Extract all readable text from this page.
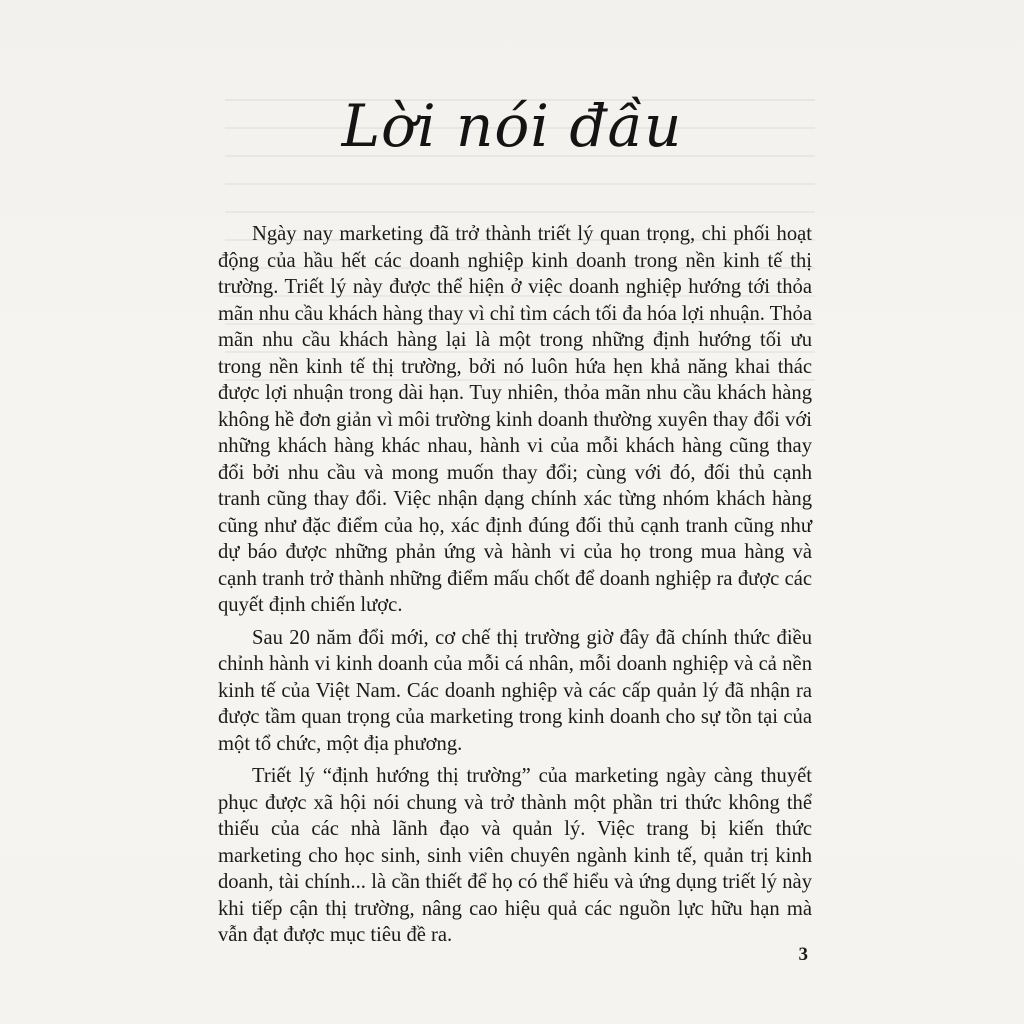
Lời nói đầu

Ngày nay marketing đã trở thành triết lý quan trọng, chi phối hoạt động của hầu hết các doanh nghiệp kinh doanh trong nền kinh tế thị trường. Triết lý này được thể hiện ở việc doanh nghiệp hướng tới thỏa mãn nhu cầu khách hàng thay vì chỉ tìm cách tối đa hóa lợi nhuận. Thỏa mãn nhu cầu khách hàng lại là một trong những định hướng tối ưu trong nền kinh tế thị trường, bởi nó luôn hứa hẹn khả năng khai thác được lợi nhuận trong dài hạn. Tuy nhiên, thỏa mãn nhu cầu khách hàng không hề đơn giản vì môi trường kinh doanh thường xuyên thay đổi với những khách hàng khác nhau, hành vi của mỗi khách hàng cũng thay đổi bởi nhu cầu và mong muốn thay đổi; cùng với đó, đối thủ cạnh tranh cũng thay đổi. Việc nhận dạng chính xác từng nhóm khách hàng cũng như đặc điểm của họ, xác định đúng đối thủ cạnh tranh cũng như dự báo được những phản ứng và hành vi của họ trong mua hàng và cạnh tranh trở thành những điểm mấu chốt để doanh nghiệp ra được các quyết định chiến lược.

Sau 20 năm đổi mới, cơ chế thị trường giờ đây đã chính thức điều chỉnh hành vi kinh doanh của mỗi cá nhân, mỗi doanh nghiệp và cả nền kinh tế của Việt Nam. Các doanh nghiệp và các cấp quản lý đã nhận ra được tầm quan trọng của marketing trong kinh doanh cho sự tồn tại của một tổ chức, một địa phương.

Triết lý “định hướng thị trường” của marketing ngày càng thuyết phục được xã hội nói chung và trở thành một phần tri thức không thể thiếu của các nhà lãnh đạo và quản lý. Việc trang bị kiến thức marketing cho học sinh, sinh viên chuyên ngành kinh tế, quản trị kinh doanh, tài chính... là cần thiết để họ có thể hiểu và ứng dụng triết lý này khi tiếp cận thị trường, nâng cao hiệu quả các nguồn lực hữu hạn mà vẫn đạt được mục tiêu đề ra.

3
